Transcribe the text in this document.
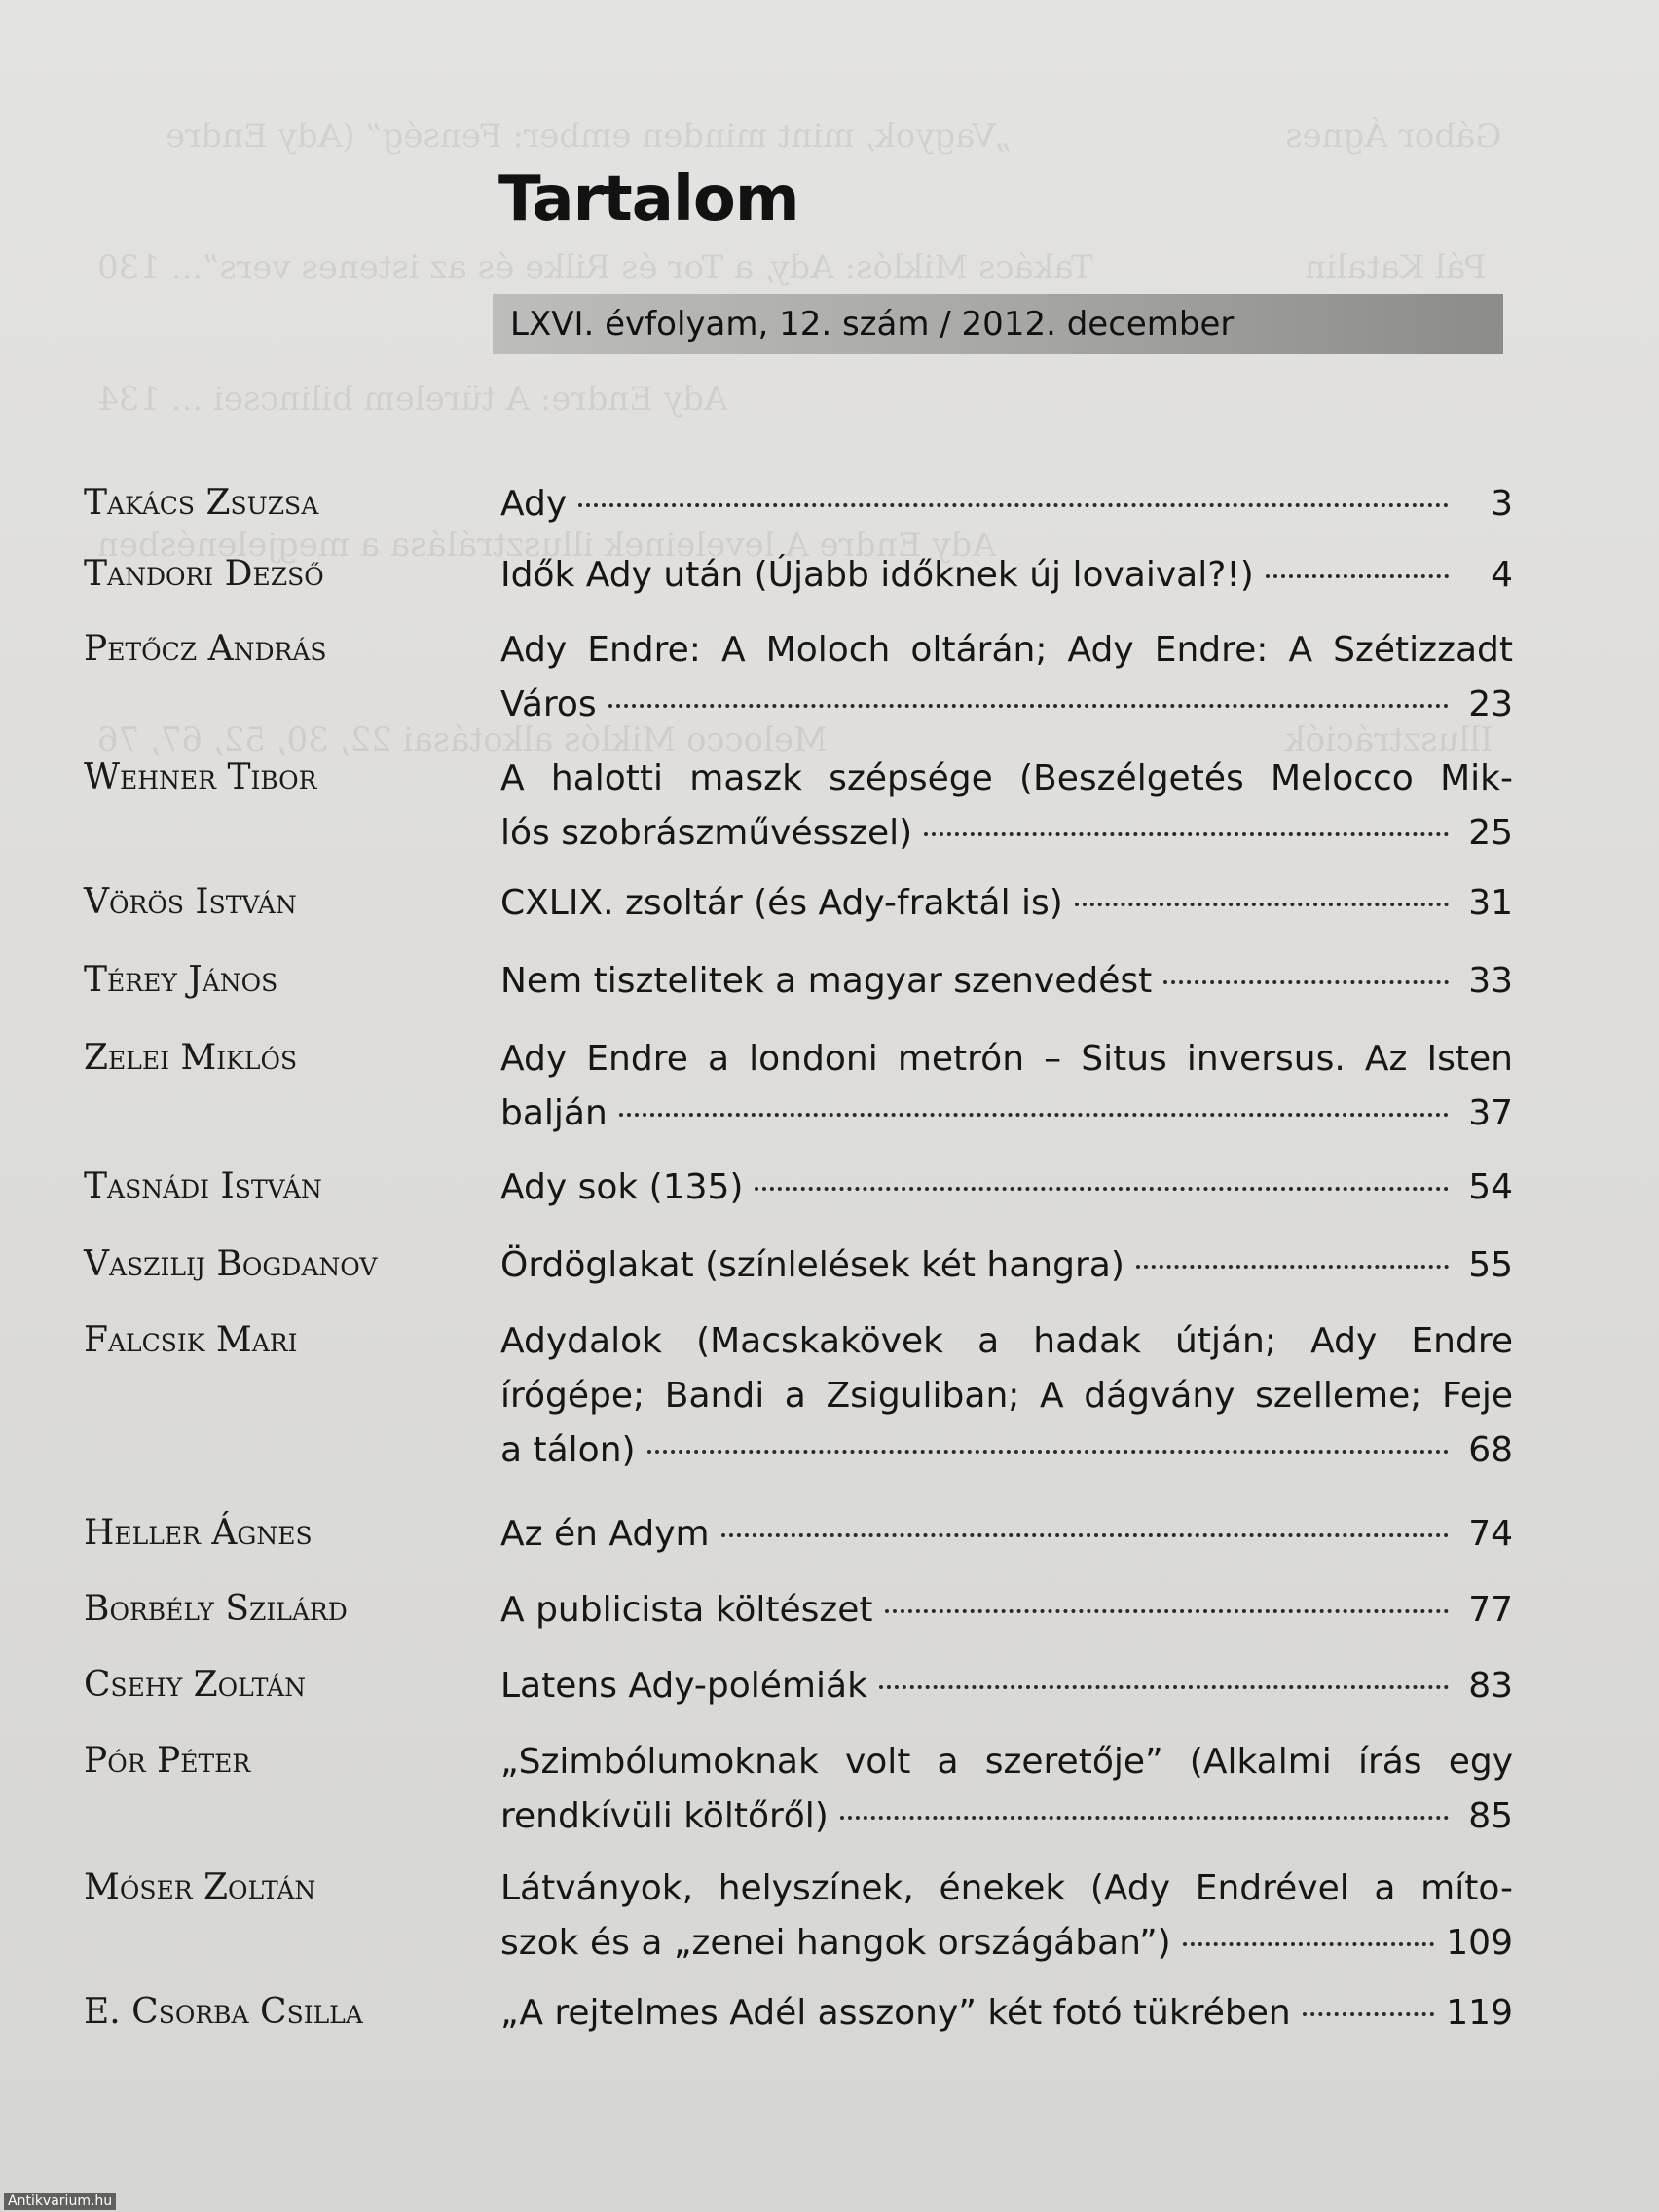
„Vagyok, mint minden ember: Fenség” (Ady Endre	Gábor Ágnes
Takács Miklós: Ady, a Tor és Rilke és az istenes vers”... 130	Pál Katalin
Ady Endre: A türelem bilincsei ... 134
Ady Endre A leveleinek illusztrálása a megjelenésben
Melocco Miklós alkotásai 22, 30, 52, 67, 76	Illusztrációk
Tartalom
LXVI. évfolyam, 12. szám / 2012. december
Takács Zsuzsa	Ady	3
Tandori Dezső	Idők Ady után (Újabb időknek új lovaival?!)	4
Petőcz András	Ady Endre: A Moloch oltárán; Ady Endre: A Szétizzadt
Város	23
Wehner Tibor	A halotti maszk szépsége (Beszélgetés Melocco Mik-
lós szobrászművésszel)	25
Vörös István	CXLIX. zsoltár (és Ady-fraktál is)	31
Térey János	Nem tisztelitek a magyar szenvedést	33
Zelei Miklós	Ady Endre a londoni metrón – Situs inversus. Az Isten
balján	37
Tasnádi István	Ady sok (135)	54
Vaszilij Bogdanov	Ördöglakat (színlelések két hangra)	55
Falcsik Mari	Adydalok (Macskakövek a hadak útján; Ady Endre
írógépe; Bandi a Zsiguliban; A dágvány szelleme; Feje
a tálon)	68
Heller Ágnes	Az én Adym	74
Borbély Szilárd	A publicista költészet	77
Csehy Zoltán	Latens Ady-polémiák	83
Pór Péter	„Szimbólumoknak volt a szeretője” (Alkalmi írás egy
rendkívüli költőről)	85
Móser Zoltán	Látványok, helyszínek, énekek (Ady Endrével a míto-
szok és a „zenei hangok országában”)	109
E. Csorba Csilla	„A rejtelmes Adél asszony” két fotó tükrében	119
Antikvarium.hu
